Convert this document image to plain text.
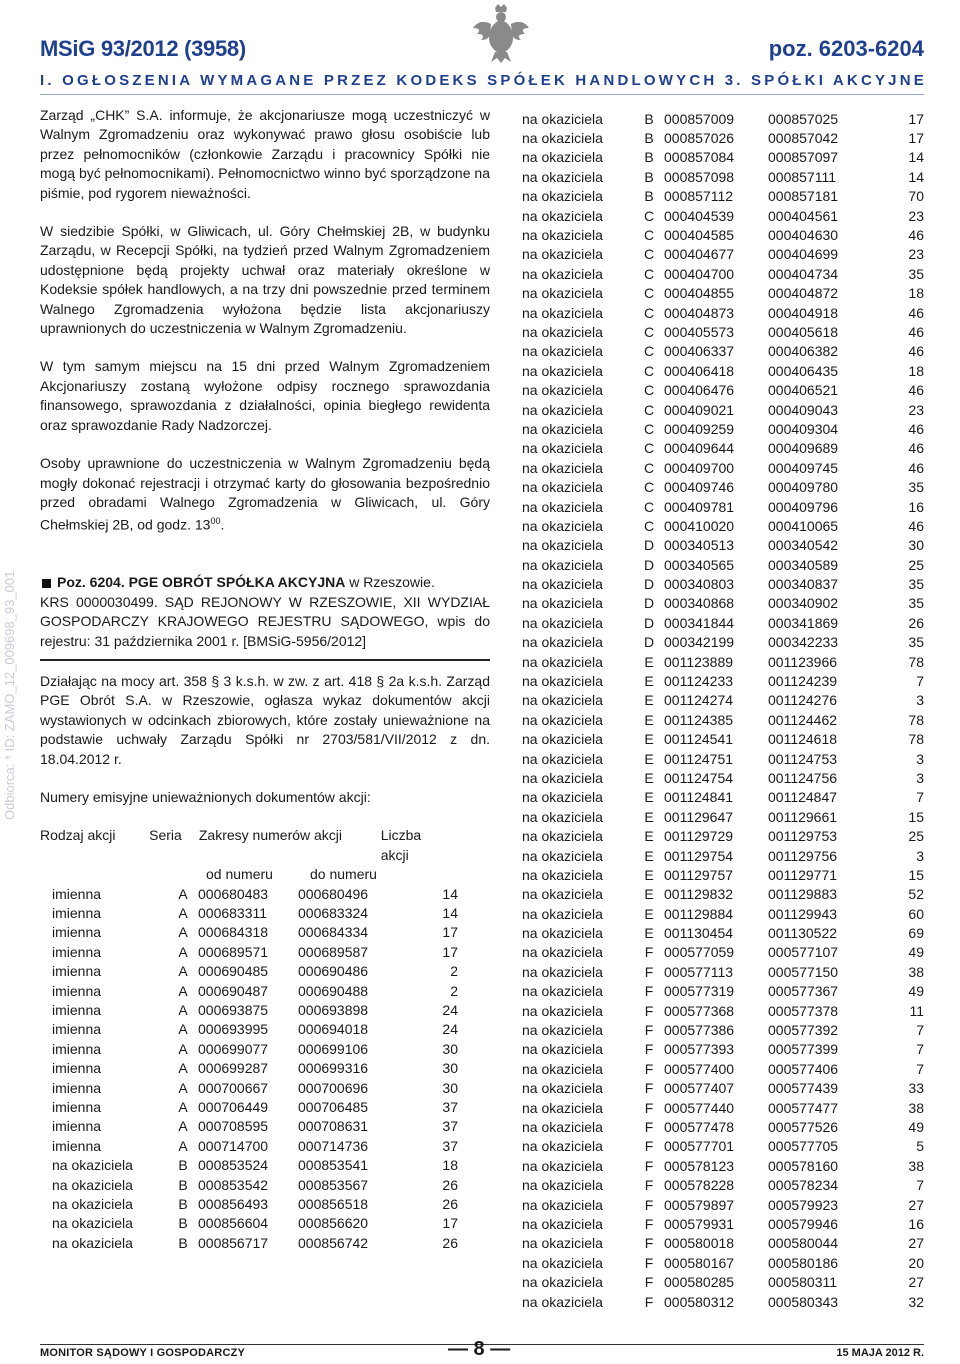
MSiG 93/2012 (3958)	poz. 6203-6204
I. OGŁOSZENIA WYMAGANE PRZEZ KODEKS SPÓŁEK HANDLOWYCH 3. SPÓŁKI AKCYJNE
Odbiorca: * ID: ZAMO_12_009698_93_001

Zarząd „CHK” S.A. informuje, że akcjonariusze mogą uczestniczyć w Walnym Zgromadzeniu oraz wykonywać prawo głosu osobiście lub przez pełnomocników (członkowie Zarządu i pracownicy Spółki nie mogą być pełnomocnikami). Pełnomocnictwo winno być sporządzone na piśmie, pod rygorem nieważności.

W siedzibie Spółki, w Gliwicach, ul. Góry Chełmskiej 2B, w budynku Zarządu, w Recepcji Spółki, na tydzień przed Walnym Zgromadzeniem udostępnione będą projekty uchwał oraz materiały określone w Kodeksie spółek handlowych, a na trzy dni powszednie przed terminem Walnego Zgromadzenia wyłożona będzie lista akcjonariuszy uprawnionych do uczestniczenia w Walnym Zgromadzeniu.

W tym samym miejscu na 15 dni przed Walnym Zgromadzeniem Akcjonariuszy zostaną wyłożone odpisy rocznego sprawozdania finansowego, sprawozdania z działalności, opinia biegłego rewidenta oraz sprawozdanie Rady Nadzorczej.

Osoby uprawnione do uczestniczenia w Walnym Zgromadzeniu będą mogły dokonać rejestracji i otrzymać karty do głosowania bezpośrednio przed obradami Walnego Zgromadzenia w Gliwicach, ul. Góry Chełmskiej 2B, od godz. $13^{00}$.

Poz. 6204. PGE OBRÓT SPÓŁKA AKCYJNA w Rzeszowie.

KRS 0000030499. SĄD REJONOWY W RZESZOWIE, XII WYDZIAŁ GOSPODARCZY KRAJOWEGO REJESTRU SĄDOWEGO, wpis do rejestru: 31 października 2001 r. [BMSiG-5956/2012]

Działając na mocy art. 358 § 3 k.s.h. w zw. z art. 418 § 2a k.s.h. Zarząd PGE Obrót S.A. w Rzeszowie, ogłasza wykaz dokumentów akcji wystawionych w odcinkach zbiorowych, które zostały unieważnione na podstawie uchwały Zarządu Spółki nr 2703/581/VII/2012 z dn. 18.04.2012 r.

Numery emisyjne unieważnionych dokumentów akcji:

Rodzaj akcji	Seria	Zakresy numerów akcji	Liczba akcji
od numeru	do numeru
imienna	A 000680483	000680496	14
imienna	A 000683311	000683324	14
imienna	A 000684318	000684334	17
imienna	A 000689571	000689587	17
imienna	A 000690485	000690486	2
imienna	A 000690487	000690488	2
imienna	A 000693875	000693898	24
imienna	A 000693995	000694018	24
imienna	A 000699077	000699106	30
imienna	A 000699287	000699316	30
imienna	A 000700667	000700696	30
imienna	A 000706449	000706485	37
imienna	A 000708595	000708631	37
imienna	A 000714700	000714736	37
na okaziciela	B 000853524	000853541	18
na okaziciela	B 000853542	000853567	26
na okaziciela	B 000856493	000856518	26
na okaziciela	B 000856604	000856620	17
na okaziciela	B 000856717	000856742	26
na okaziciela	B 000857009	000857025	17
na okaziciela	B 000857026	000857042	17
na okaziciela	B 000857084	000857097	14
na okaziciela	B 000857098	000857111	14
na okaziciela	B 000857112	000857181	70
na okaziciela	C 000404539	000404561	23
na okaziciela	C 000404585	000404630	46
na okaziciela	C 000404677	000404699	23
na okaziciela	C 000404700	000404734	35
na okaziciela	C 000404855	000404872	18
na okaziciela	C 000404873	000404918	46
na okaziciela	C 000405573	000405618	46
na okaziciela	C 000406337	000406382	46
na okaziciela	C 000406418	000406435	18
na okaziciela	C 000406476	000406521	46
na okaziciela	C 000409021	000409043	23
na okaziciela	C 000409259	000409304	46
na okaziciela	C 000409644	000409689	46
na okaziciela	C 000409700	000409745	46
na okaziciela	C 000409746	000409780	35
na okaziciela	C 000409781	000409796	16
na okaziciela	C 000410020	000410065	46
na okaziciela	D 000340513	000340542	30
na okaziciela	D 000340565	000340589	25
na okaziciela	D 000340803	000340837	35
na okaziciela	D 000340868	000340902	35
na okaziciela	D 000341844	000341869	26
na okaziciela	D 000342199	000342233	35
na okaziciela	E 001123889	001123966	78
na okaziciela	E 001124233	001124239	7
na okaziciela	E 001124274	001124276	3
na okaziciela	E 001124385	001124462	78
na okaziciela	E 001124541	001124618	78
na okaziciela	E 001124751	001124753	3
na okaziciela	E 001124754	001124756	3
na okaziciela	E 001124841	001124847	7
na okaziciela	E 001129647	001129661	15
na okaziciela	E 001129729	001129753	25
na okaziciela	E 001129754	001129756	3
na okaziciela	E 001129757	001129771	15
na okaziciela	E 001129832	001129883	52
na okaziciela	E 001129884	001129943	60
na okaziciela	E 001130454	001130522	69
na okaziciela	F 000577059	000577107	49
na okaziciela	F 000577113	000577150	38
na okaziciela	F 000577319	000577367	49
na okaziciela	F 000577368	000577378	11
na okaziciela	F 000577386	000577392	7
na okaziciela	F 000577393	000577399	7
na okaziciela	F 000577400	000577406	7
na okaziciela	F 000577407	000577439	33
na okaziciela	F 000577440	000577477	38
na okaziciela	F 000577478	000577526	49
na okaziciela	F 000577701	000577705	5
na okaziciela	F 000578123	000578160	38
na okaziciela	F 000578228	000578234	7
na okaziciela	F 000579897	000579923	27
na okaziciela	F 000579931	000579946	16
na okaziciela	F 000580018	000580044	27
na okaziciela	F 000580167	000580186	20
na okaziciela	F 000580285	000580311	27
na okaziciela	F 000580312	000580343	32
MONITOR SĄDOWY I GOSPODARCZY	— 8 —	15 MAJA 2012 R.
